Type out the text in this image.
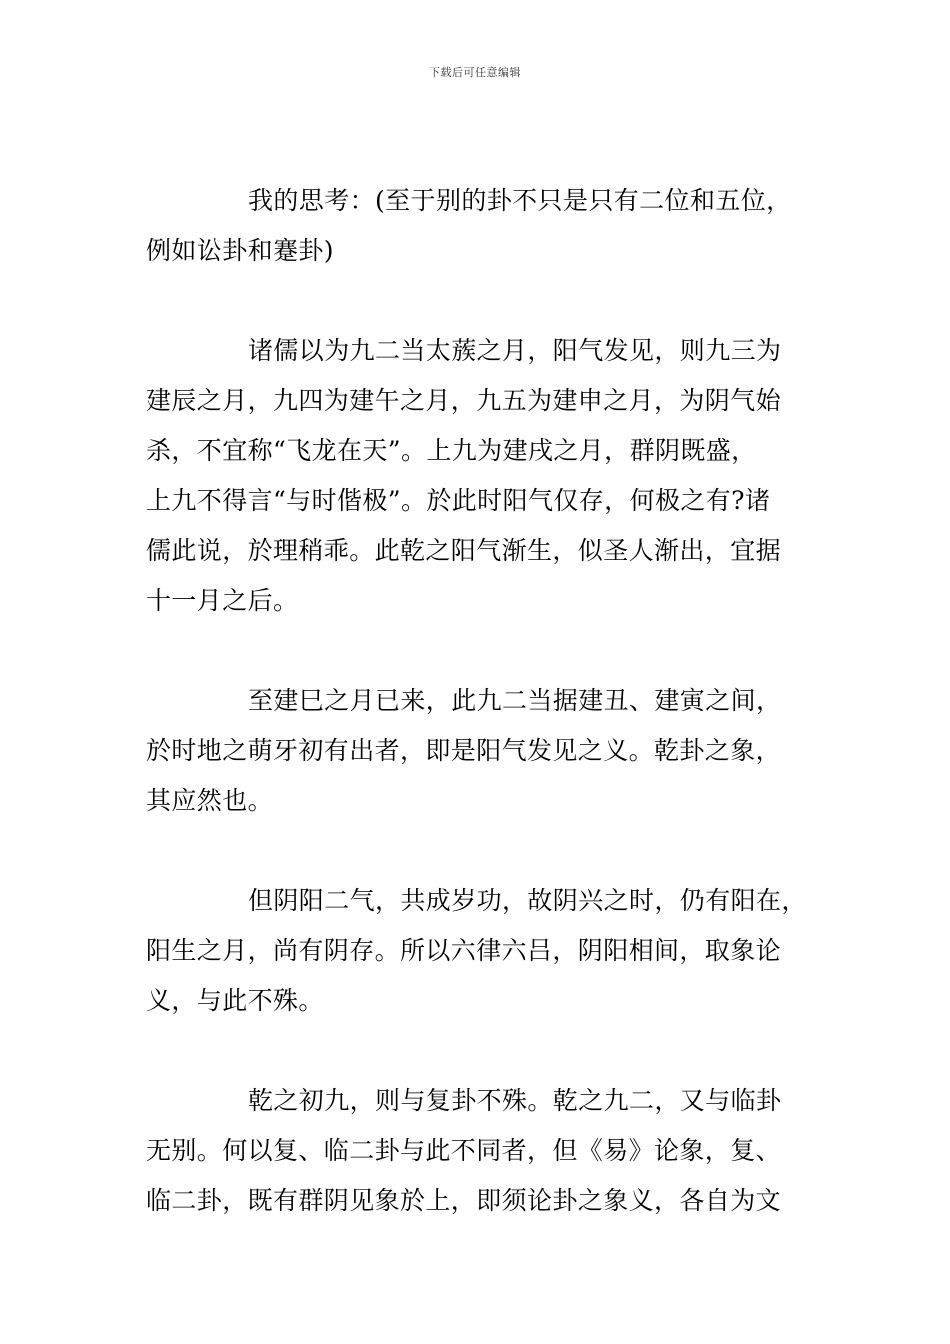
下载后可任意编辑
我的思考：(至于别的卦不只是只有二位和五位，
例如讼卦和蹇卦)
诸儒以为九二当太蔟之月，阳气发见，则九三为
建辰之月，九四为建午之月，九五为建申之月，为阴气始
杀，不宜称“飞龙在天”。上九为建戌之月，群阴既盛，
上九不得言“与时偕极”。於此时阳气仅存，何极之有?诸
儒此说，於理稍乖。此乾之阳气渐生，似圣人渐出，宜据
十一月之后。
至建巳之月已来，此九二当据建丑、建寅之间，
於时地之萌牙初有出者，即是阳气发见之义。乾卦之象，
其应然也。
但阴阳二气，共成岁功，故阴兴之时，仍有阳在，
阳生之月，尚有阴存。所以六律六吕，阴阳相间，取象论
义，与此不殊。
乾之初九，则与复卦不殊。乾之九二，又与临卦
无别。何以复、临二卦与此不同者，但《易》论象，复、
临二卦，既有群阴见象於上，即须论卦之象义，各自为文
